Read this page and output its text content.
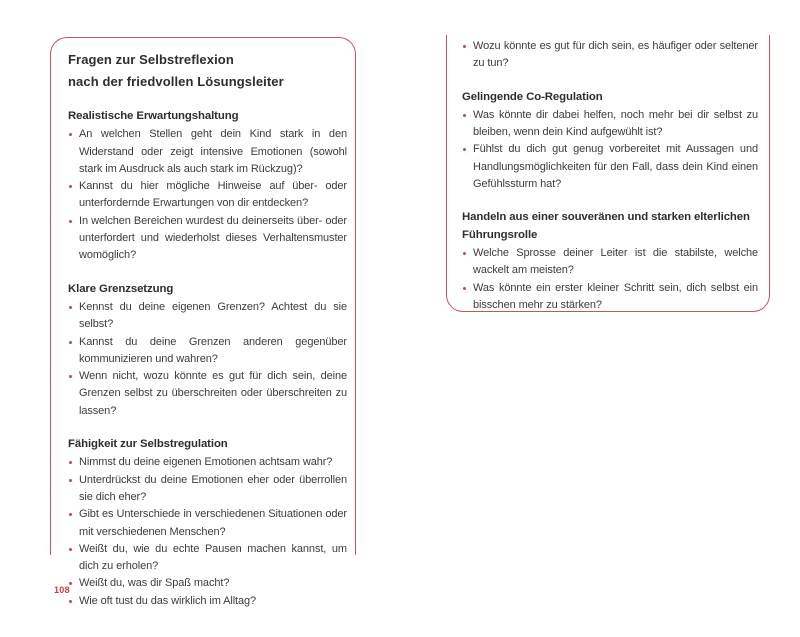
Fragen zur Selbstreflexion
nach der friedvollen Lösungsleiter
Realistische Erwartungshaltung
An welchen Stellen geht dein Kind stark in den Widerstand oder zeigt intensive Emotionen (sowohl stark im Ausdruck als auch stark im Rückzug)?
Kannst du hier mögliche Hinweise auf über- oder unterfordernde Erwartungen von dir entdecken?
In welchen Bereichen wurdest du deinerseits über- oder unterfordert und wiederholst dieses Verhaltensmuster womöglich?
Klare Grenzsetzung
Kennst du deine eigenen Grenzen? Achtest du sie selbst?
Kannst du deine Grenzen anderen gegenüber kommunizieren und wahren?
Wenn nicht, wozu könnte es gut für dich sein, deine Grenzen selbst zu überschreiten oder überschreiten zu lassen?
Fähigkeit zur Selbstregulation
Nimmst du deine eigenen Emotionen achtsam wahr?
Unterdrückst du deine Emotionen eher oder überrollen sie dich eher?
Gibt es Unterschiede in verschiedenen Situationen oder mit verschiedenen Menschen?
Weißt du, wie du echte Pausen machen kannst, um dich zu erholen?
Weißt du, was dir Spaß macht?
Wie oft tust du das wirklich im Alltag?
Wozu könnte es gut für dich sein, es häufiger oder seltener zu tun?
Gelingende Co-Regulation
Was könnte dir dabei helfen, noch mehr bei dir selbst zu bleiben, wenn dein Kind aufgewühlt ist?
Fühlst du dich gut genug vorbereitet mit Aussagen und Handlungsmöglichkeiten für den Fall, dass dein Kind einen Gefühlssturm hat?
Handeln aus einer souveränen und starken elterlichen Führungsrolle
Welche Sprosse deiner Leiter ist die stabilste, welche wackelt am meisten?
Was könnte ein erster kleiner Schritt sein, dich selbst ein bisschen mehr zu stärken?
108
